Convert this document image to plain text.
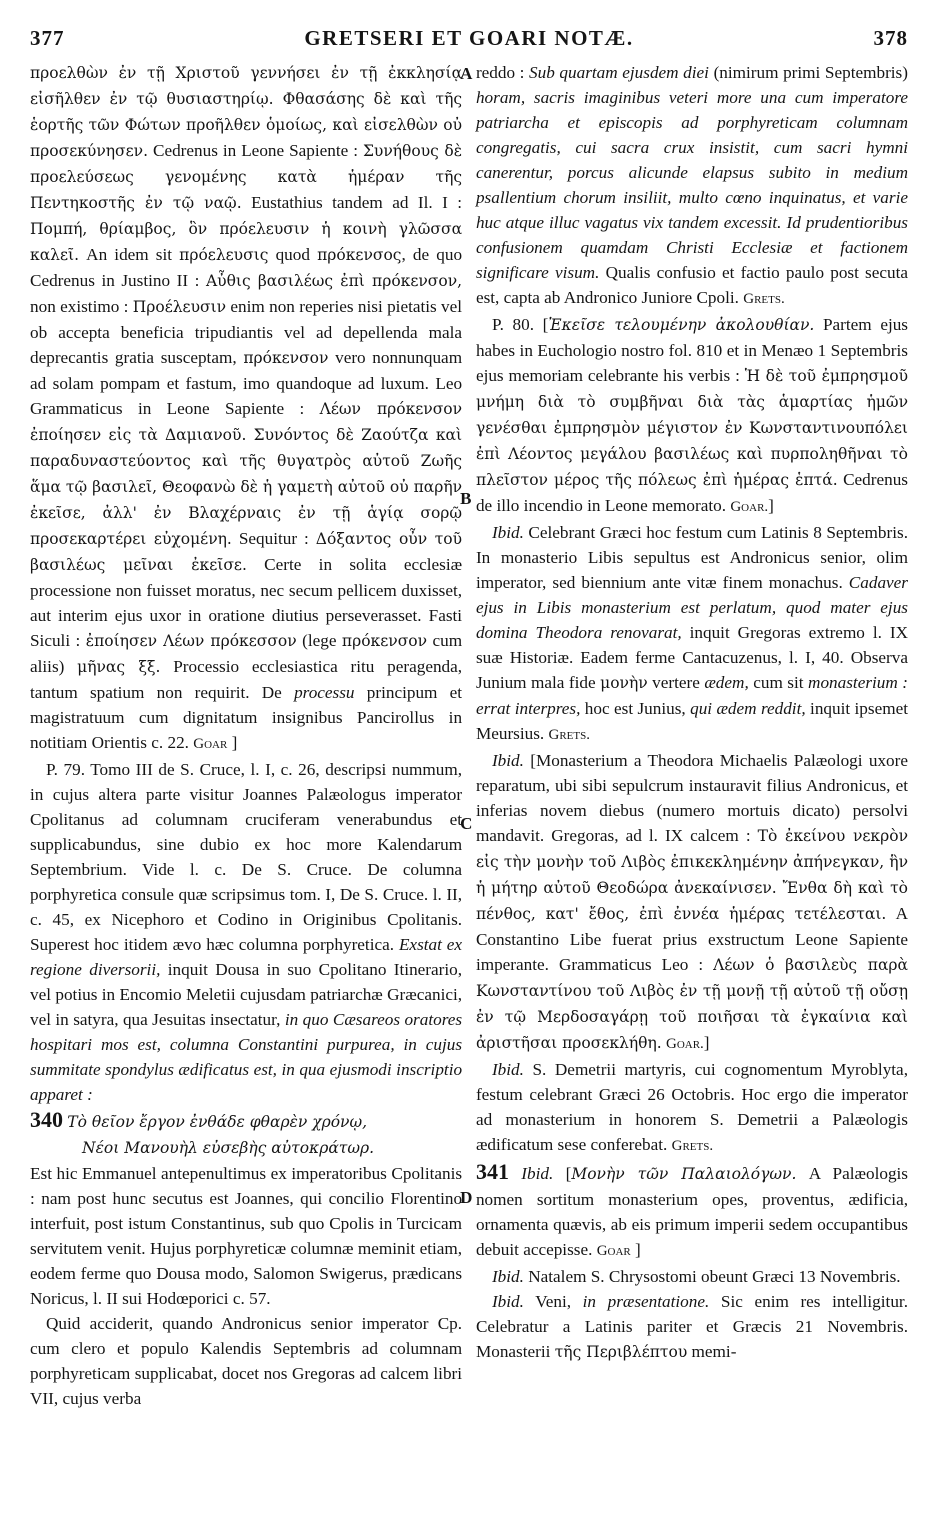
377	GRETSERI ET GOARI NOTÆ.	378

προελθὼν ἐν τῇ Χριστοῦ γεννήσει ἐν τῇ ἐκκλησίᾳ εἰσῆλθεν ἐν τῷ θυσιαστηρίῳ. Φθασάσης δὲ καὶ τῆς ἑορτῆς τῶν Φώτων προῆλθεν ὁμοίως, καὶ εἰσελθὼν οὐ προσεκύνησεν. Cedrenus in Leone Sapiente : Συνήθους δὲ προελεύσεως γενομένης κατὰ ἡμέραν τῆς Πεντηκοστῆς ἐν τῷ ναῷ. Eustathius tandem ad Il. I : Πομπή, θρίαμβος, ὃν πρόελευσιν ἡ κοινὴ γλῶσσα καλεῖ. An idem sit πρόελευσις quod πρόκενσος, de quo Cedrenus in Justino II : Αὖθις βασιλέως ἐπὶ πρόκενσον, non existimo : Προέλευσιν enim non reperies nisi pietatis vel ob accepta beneficia tripudiantis vel ad depellenda mala deprecantis gratia susceptam, πρόκενσον vero nonnunquam ad solam pompam et fastum, imo quandoque ad luxum. Leo Grammaticus in Leone Sapiente : Λέων πρόκενσον ἐποίησεν εἰς τὰ Δαμιανοῦ. Συνόντος δὲ Ζαούτζα καὶ παραδυναστεύοντος καὶ τῆς θυγατρὸς αὐτοῦ Ζωῆς ἅμα τῷ βασιλεῖ, Θεοφανὼ δὲ ἡ γαμετὴ αὐτοῦ οὐ παρῆν ἐκεῖσε, ἀλλ' ἐν Βλαχέρναις ἐν τῇ ἁγίᾳ σορῷ προσεκαρτέρει εὐχομένη. Sequitur : Δόξαντος οὖν τοῦ βασιλέως μεῖναι ἐκεῖσε. Certe in solita ecclesiæ processione non fuisset moratus, nec secum pellicem duxisset, aut interim ejus uxor in oratione diutius perseverasset. Fasti Siculi : ἐποίησεν Λέων πρόκεσσον (lege πρόκενσον cum aliis) μῆνας ξξ. Processio ecclesiastica ritu peragenda, tantum spatium non requirit. De processu principum et magistratuum cum dignitatum insignibus Pancirollus in notitiam Orientis c. 22. Goar ]

P. 79. Tomo III de S. Cruce, l. I, c. 26, descripsi nummum, in cujus altera parte visitur Joannes Palæologus imperator Cpolitanus ad columnam cruciferam venerabundus et supplicabundus, sine dubio ex hoc more Kalendarum Septembrium. Vide l. c. De S. Cruce. De columna porphyretica consule quæ scripsimus tom. I, De S. Cruce. l. II, c. 45, ex Nicephoro et Codino in Originibus Cpolitanis. Superest hoc itidem ævo hæc columna porphyretica. Exstat ex regione diversorii, inquit Dousa in suo Cpolitano Itinerario, vel potius in Encomio Meletii cujusdam patriarchæ Græcanici, vel in satyra, qua Jesuitas insectatur, in quo Cæsareos oratores hospitari mos est, columna Constantini purpurea, in cujus summitate spondylus ædificatus est, in qua ejusmodi inscriptio apparet :

340 Τὸ θεῖον ἔργον ἐνθάδε φθαρὲν χρόνῳ,
Νέοι Μανουὴλ εὐσεβὴς αὐτοκράτωρ.

Est hic Emmanuel antepenultimus ex imperatoribus Cpolitanis : nam post hunc secutus est Joannes, qui concilio Florentino interfuit, post istum Constantinus, sub quo Cpolis in Turcicam servitutem venit. Hujus porphyreticæ columnæ meminit etiam, eodem ferme quo Dousa modo, Salomon Swigerus, prædicans Noricus, l. II sui Hodœporici c. 57.

Quid acciderit, quando Andronicus senior imperator Cp. cum clero et populo Kalendis Septembris ad columnam porphyreticam supplicabat, docet nos Gregoras ad calcem libri VII, cujus verba

A
B
C
D

reddo : Sub quartam ejusdem diei (nimirum primi Septembris) horam, sacris imaginibus veteri more una cum imperatore patriarcha et episcopis ad porphyreticam columnam congregatis, cui sacra crux insistit, cum sacri hymni canerentur, porcus alicunde elapsus subito in medium psallentium chorum insiliit, multo cœno inquinatus, et varie huc atque illuc vagatus vix tandem excessit. Id prudentioribus confusionem quamdam Christi Ecclesiæ et factionem significare visum. Qualis confusio et factio paulo post secuta est, capta ab Andronico Juniore Cpoli. Grets.

P. 80. [Ἐκεῖσε τελουμένην ἀκολουθίαν. Partem ejus habes in Euchologio nostro fol. 810 et in Menæo 1 Septembris ejus memoriam celebrante his verbis : Ἡ δὲ τοῦ ἐμπρησμοῦ μνήμη διὰ τὸ συμβῆναι διὰ τὰς ἁμαρτίας ἡμῶν γενέσθαι ἐμπρησμὸν μέγιστον ἐν Κωνσταντινουπόλει ἐπὶ Λέοντος μεγάλου βασιλέως καὶ πυρποληθῆναι τὸ πλεῖστον μέρος τῆς πόλεως ἐπὶ ἡμέρας ἑπτά. Cedrenus de illo incendio in Leone memorato. Goar.]

Ibid. Celebrant Græci hoc festum cum Latinis 8 Septembris. In monasterio Libis sepultus est Andronicus senior, olim imperator, sed biennium ante vitæ finem monachus. Cadaver ejus in Libis monasterium est perlatum, quod mater ejus domina Theodora renovarat, inquit Gregoras extremo l. IX suæ Historiæ. Eadem ferme Cantacuzenus, l. I, 40. Observa Junium mala fide μονὴν vertere ædem, cum sit monasterium : errat interpres, hoc est Junius, qui ædem reddit, inquit ipsemet Meursius. Grets.

Ibid. [Monasterium a Theodora Michaelis Palæologi uxore reparatum, ubi sibi sepulcrum instauravit filius Andronicus, et inferias novem diebus (numero mortuis dicato) persolvi mandavit. Gregoras, ad l. IX calcem : Τὸ ἐκείνου νεκρὸν εἰς τὴν μονὴν τοῦ Λιβὸς ἐπικεκλημένην ἀπήνεγκαν, ἣν ἡ μήτηρ αὐτοῦ Θεοδώρα ἀνεκαίνισεν. Ἔνθα δὴ καὶ τὸ πένθος, κατ' ἔθος, ἐπὶ ἐννέα ἡμέρας τετέλεσται. A Constantino Libe fuerat prius exstructum Leone Sapiente imperante. Grammaticus Leo : Λέων ὁ βασιλεὺς παρὰ Κωνσταντίνου τοῦ Λιβὸς ἐν τῇ μονῇ τῇ αὐτοῦ τῇ οὔσῃ ἐν τῷ Μερδοσαγάρῃ τοῦ ποιῆσαι τὰ ἐγκαίνια καὶ ἀριστῆσαι προσεκλήθη. Goar.]

Ibid. S. Demetrii martyris, cui cognomentum Myroblyta, festum celebrant Græci 26 Octobris. Hoc ergo die imperator ad monasterium in honorem S. Demetrii a Palæologis ædificatum sese conferebat. Grets.

341 Ibid. [Μονὴν τῶν Παλαιολόγων. A Palæologis nomen sortitum monasterium opes, proventus, ædificia, ornamenta quævis, ab eis primum imperii sedem occupantibus debuit accepisse. Goar ]

Ibid. Natalem S. Chrysostomi obeunt Græci 13 Novembris.

Ibid. Veni, in præsentatione. Sic enim res intelligitur. Celebratur a Latinis pariter et Græcis 21 Novembris. Monasterii τῆς Περιβλέπτου memi-
